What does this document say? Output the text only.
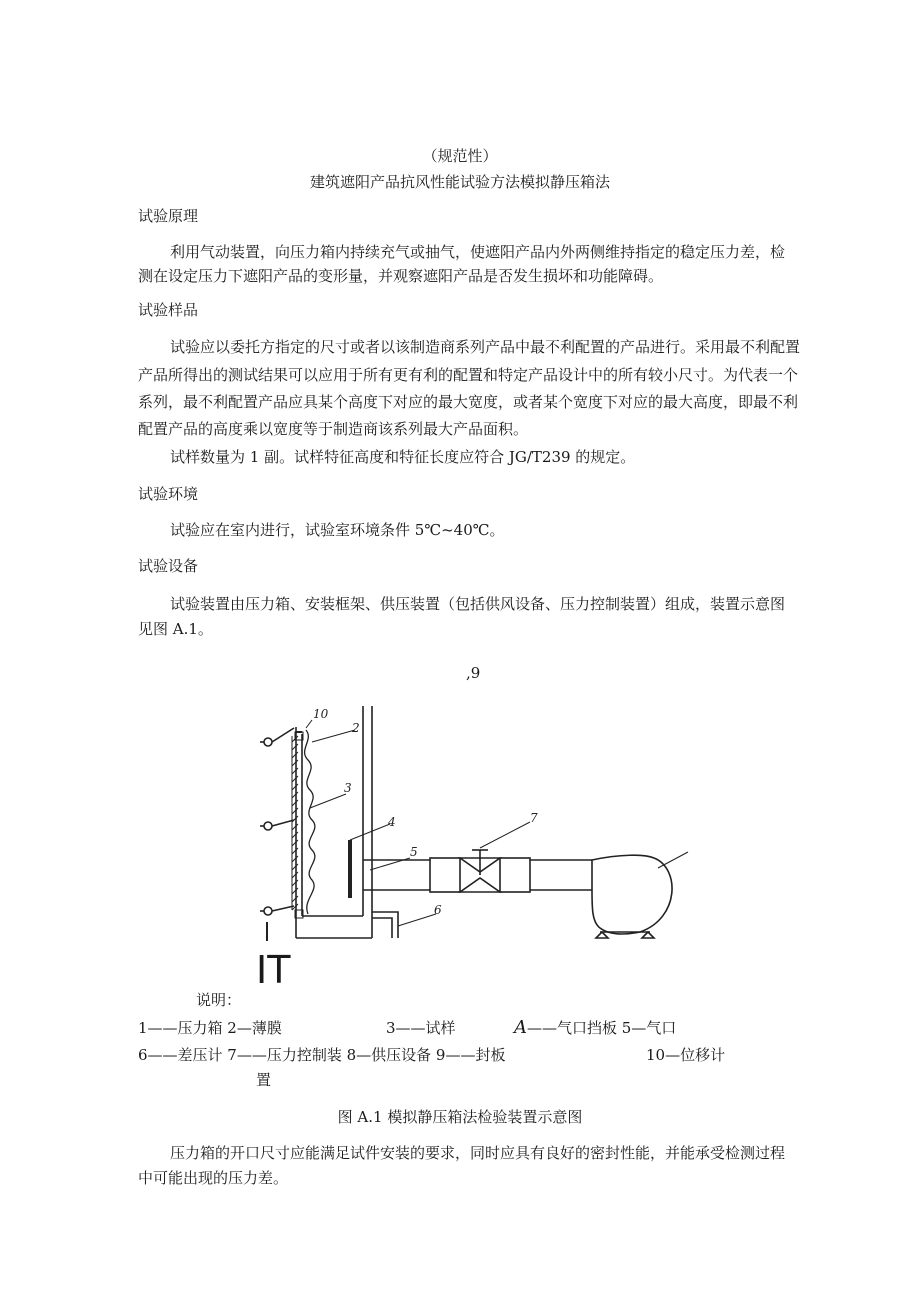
（规范性）
建筑遮阳产品抗风性能试验方法模拟静压箱法
试验原理
利用气动装置，向压力箱内持续充气或抽气，使遮阳产品内外两侧维持指定的稳定压力差，检
测在设定压力下遮阳产品的变形量，并观察遮阳产品是否发生损坏和功能障碍。
试验样品
试验应以委托方指定的尺寸或者以该制造商系列产品中最不利配置的产品进行。采用最不利配置
产品所得出的测试结果可以应用于所有更有利的配置和特定产品设计中的所有较小尺寸。为代表一个
系列，最不利配置产品应具某个高度下对应的最大宽度，或者某个宽度下对应的最大高度，即最不利
配置产品的高度乘以宽度等于制造商该系列最大产品面积。
试样数量为 1 副。试样特征高度和特征长度应符合 JG/T239 的规定。
试验环境
试验应在室内进行，试验室环境条件 5℃~40℃。
试验设备
试验装置由压力箱、安装框架、供压装置（包括供风设备、压力控制装置）组成，装置示意图
见图 A.1。
,9
10
2
3
4
5
6
7
IT
说明：
1——压力箱 2—薄膜	3——试样	A——气口挡板 5—气口
6——差压计 7——压力控制装 8—供压设备 9——封板	10—位移计
置
图 A.1 模拟静压箱法检验装置示意图
压力箱的开口尺寸应能满足试件安装的要求，同时应具有良好的密封性能，并能承受检测过程
中可能出现的压力差。
